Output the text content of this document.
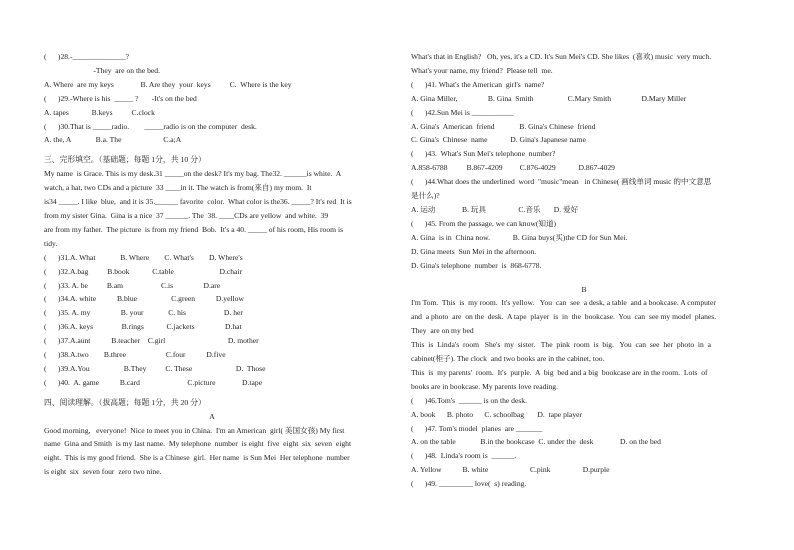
(      )28.-______________?
-They  are on the bed.
A. Where  are my keys              B. Are they  your  keys          C.  Where is the key
(      )29.-Where is his  _____ ?       -It's on the bed
A. tapes            B.keys          C.clock
(      )30.That is _____radio.        _____radio is on the computer  desk.
A. the, A             B.a. The                      C.a;A
三、完形填空。（基础题；每题 1分，共 10 分）
My name  is Grace. This is my desk.31 _____on the desk? It's my bag. The32. ______is white.  A
watch, a hat, two CDs and a picture  33 ____in it. The watch is from(来自) my mom.  It
is34 _____. I like  blue,  and it is 35.______ favorite  color.  What color is the36. _____? It's red  It is
from my sister Gina.  Gina is a nice  37 ______. The  38. ____CDs are yellow  and white.  39
are from my father.  The picture  is from my friend  Bob.  It's a 40. _____ of his room, His room is
tidy.
(      )31.A. What             B. Where        C. What's        D. Where's
(      )32.A.bag          B.book            C.table                        D.chair
(      )33. A. be          B.am                    C.is                D.are
(      )34.A. white           B.blue                  C.green           D.yellow
(      )35. A. my                B. your             C. his                    D. her
(      )36.A. keys               B.rings            C.jackets                D.hat
(      )37.A.aunt           B.teacher    C.girl                                 D. mother
(      )38.A.two        B.three                     C.four           D.five
(      )39.A.You                  B.They          C. These                       D.  Those
(      )40.  A. game           B.card                         C.picture              D.tape
四、阅读理解。（拔高题；每题 1分，共 20 分）
A
Good morning,   everyone!  Nice to meet you in China.  I'm an American  girl( 美国女孩) My first
name  Gina and Smith  is my last name.  My telephone  number  is eight  five  eight  six  seven  eight
eight.  This is my good friend.  She is a Chinese  girl.  Her name  is Sun Mei  Her telephone  number
is eight  six  seven four  zero two nine.
What's that in English?   Oh, yes, it's a CD. It's Sun Mei's CD. She likes  (喜欢) music  very much.
What's your name, my friend?  Please tell  me.
(      )41. What's the American  girl's  name?
A. Gina Miller,                B. Gina  Smith                  C.Mary Smith                D.Mary Miller
(      )42.Sun Mei is ___________
A. Gina's  American  friend             B. Gina's Chinese  friend
C. Gina's  Chinese  name            D. Gina's Japanese name
(      )43.  What's Sun Mei's telephone  number?
A.858-6788          B.867-4209         C.876-4029            D.867-4029
(      )44.What does the underlined  word  "music"mean   in Chinese( 画线单词 music 的中文意思
是什么)?
A. 运动              B. 玩具                 C.音乐       D. 爱好
(      )45. From the passage, we can know(知道)
A. Gina  is in  China now.            B. Gina buys(买)the CD for Sun Mei.
D. Gina meets  Sun Mei in the afternoon.
D. Gina's telephone  number  is  868-6778.
B
I'm Tom.  This  is  my room.  It's yellow.   You  can  see  a desk, a table  and a bookcase. A computer
and  a photo  are  on the  desk.  A tape  player  is  in  the  bookcase.  You  can  see my model  planes.
They  are on my bed
This  is  Linda's  room   She's  my  sister.   The  pink  room  is  big.   You  can  see  her  photo  in  a
cabinet(柜子). The clock  and two books are in the cabinet, too.
This  is  my parents'  room.  It's  purple.  A  big  bed and a big  bookcase are in the room.  Lots  of
books are in bookcase. My parents love reading.
(      )46.Tom's  ______ is on the desk.
A. book      B. photo      C. schoolbag       D.  tape player
(      )47. Tom's model  planes  are _______
A. on the table             B.in the bookcase  C. under the  desk              D. on the bed
(      )48.  Linda's room is  ______.
A. Yellow           B. white                      C.pink                 D.purple
(      )49. _________ love(  s) reading.
